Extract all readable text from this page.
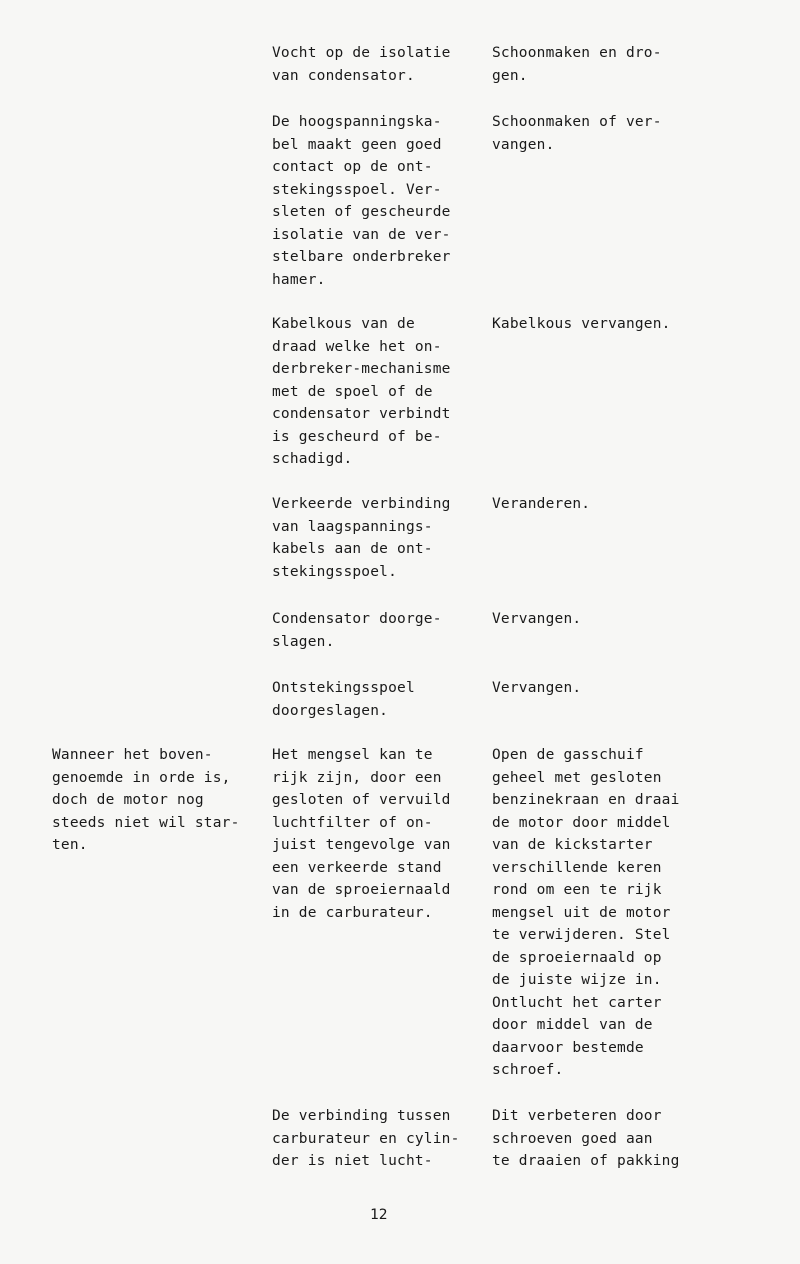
Vocht op de isolatie
van condensator.
Schoonmaken en dro-
gen.
De hoogspanningska-
bel maakt geen goed
contact op de ont-
stekingsspoel. Ver-
sleten of gescheurde
isolatie van de ver-
stelbare onderbreker
hamer.
Schoonmaken of ver-
vangen.
Kabelkous van de
draad welke het on-
derbreker-mechanisme
met de spoel of de
condensator verbindt
is gescheurd of be-
schadigd.
Kabelkous vervangen.
Verkeerde verbinding
van laagspannings-
kabels aan de ont-
stekingsspoel.
Veranderen.
Condensator doorge-
slagen.
Vervangen.
Ontstekingsspoel
doorgeslagen.
Vervangen.
Wanneer het boven-
genoemde in orde is,
doch de motor nog
steeds niet wil star-
ten.
Het mengsel kan te
rijk zijn, door een
gesloten of vervuild
luchtfilter of on-
juist tengevolge van
een verkeerde stand
van de sproeiernaald
in de carburateur.
Open de gasschuif
geheel met gesloten
benzinekraan en draai
de motor door middel
van de kickstarter
verschillende keren
rond om een te rijk
mengsel uit de motor
te verwijderen. Stel
de sproeiernaald op
de juiste wijze in.
Ontlucht het carter
door middel van de
daarvoor bestemde
schroef.
De verbinding tussen
carburateur en cylin-
der is niet lucht-
Dit verbeteren door
schroeven goed aan
te draaien of pakking
12
